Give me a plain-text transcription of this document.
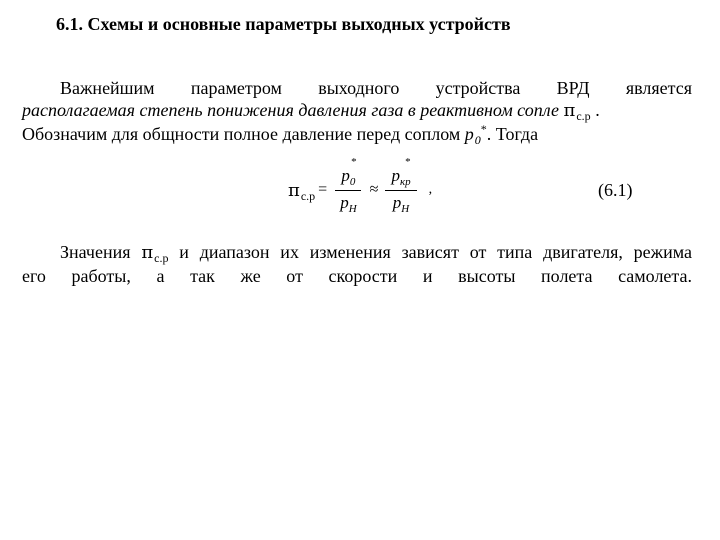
6.1. Схемы и основные параметры выходных устройств
Важнейшим параметром выходного устройства ВРД является
располагаемая степень понижения давления газа в реактивном сопле $\pi_{с.р}$ .
Обозначим для общности полное давление перед соплом $p_0^*$. Тогда
π с.р =
*
$p_0$
$p_Н$
≈
*
$p_{кр}$
$p_Н$
,	(6.1)
Значения $\pi_{с.р}$ и диапазон их изменения зависят от типа двигателя, режима
его работы, а так же от скорости и высоты полета самолета.
